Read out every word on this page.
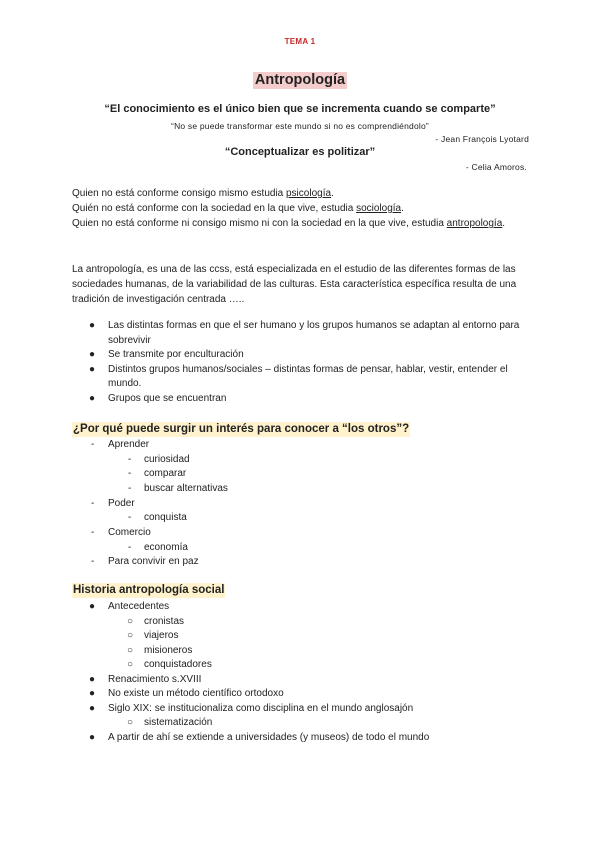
TEMA 1
Antropología
“El conocimiento es el único bien que se incrementa cuando se comparte”
“No se puede transformar este mundo si no es comprendiéndolo”
- Jean François Lyotard
“Conceptualizar es politizar”
- Celia Amoros.
Quien no está conforme consigo mismo estudia psicología.
Quién no está conforme con la sociedad en la que vive, estudia sociología.
Quien no está conforme ni consigo mismo ni con la sociedad en la que vive, estudia antropología.
La antropología, es una de las ccss, está especializada en el estudio de las diferentes formas de las sociedades humanas, de la variabilidad de las culturas. Esta característica específica resulta de una tradición de investigación centrada …..
● Las distintas formas en que el ser humano y los grupos humanos se adaptan al entorno para sobrevivir
● Se transmite por enculturación
● Distintos grupos humanos/sociales – distintas formas de pensar, hablar, vestir, entender el mundo.
● Grupos que se encuentran
¿Por qué puede surgir un interés para conocer a “los otros”?
- Aprender
- curiosidad
- comparar
- buscar alternativas
- Poder
- conquista
- Comercio
- economía
- Para convivir en paz
Historia antropología social
● Antecedentes
○ cronistas
○ viajeros
○ misioneros
○ conquistadores
● Renacimiento s.XVIII
● No existe un método científico ortodoxo
● Siglo XIX: se institucionaliza como disciplina en el mundo anglosajón
○ sistematización
● A partir de ahí se extiende a universidades (y museos) de todo el mundo
